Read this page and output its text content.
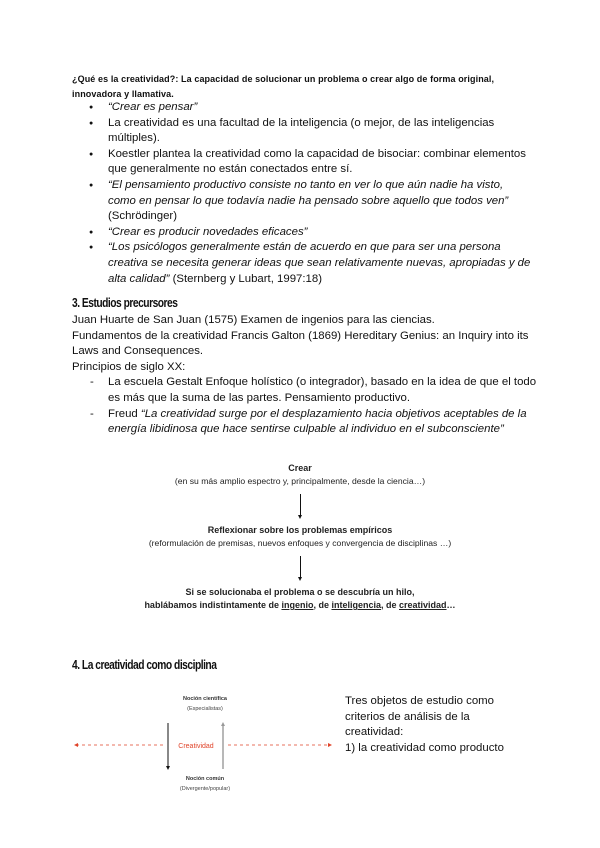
¿Qué es la creatividad?: La capacidad de solucionar un problema o crear algo de forma original, innovadora y llamativa.
● “Crear es pensar”
● La creatividad es una facultad de la inteligencia (o mejor, de las inteligencias múltiples).
● Koestler plantea la creatividad como la capacidad de bisociar: combinar elementos que generalmente no están conectados entre sí.
● “El pensamiento productivo consiste no tanto en ver lo que aún nadie ha visto, como en pensar lo que todavía nadie ha pensado sobre aquello que todos ven” (Schrödinger)
● “Crear es producir novedades eficaces”
● “Los psicólogos generalmente están de acuerdo en que para ser una persona creativa se necesita generar ideas que sean relativamente nuevas, apropiadas y de alta calidad” (Sternberg y Lubart, 1997:18)
3. Estudios precursores

Juan Huarte de San Juan (1575) Examen de ingenios para las ciencias.

Fundamentos de la creatividad Francis Galton (1869) Hereditary Genius: an Inquiry into its Laws and Consequences.

Principios de siglo XX:

- La escuela Gestalt Enfoque holístico (o integrador), basado en la idea de que el todo es más que la suma de las partes. Pensamiento productivo.
- Freud “La creatividad surge por el desplazamiento hacia objetivos aceptables de la energía libidinosa que hace sentirse culpable al individuo en el subconsciente”

Crear

(en su más amplio espectro y, principalmente, desde la ciencia…)

Reflexionar sobre los problemas empíricos

(reformulación de premisas, nuevos enfoques y convergencia de disciplinas …)

Si se solucionaba el problema o se descubría un hilo,

hablábamos indistintamente de ingenio, de inteligencia, de creatividad…

4. La creatividad como disciplina
Noción científica
(Especialistas)
Creatividad
Noción común
(Divergente/popular)
Tres objetos de estudio como criterios de análisis de la creatividad:
1) la creatividad como producto
